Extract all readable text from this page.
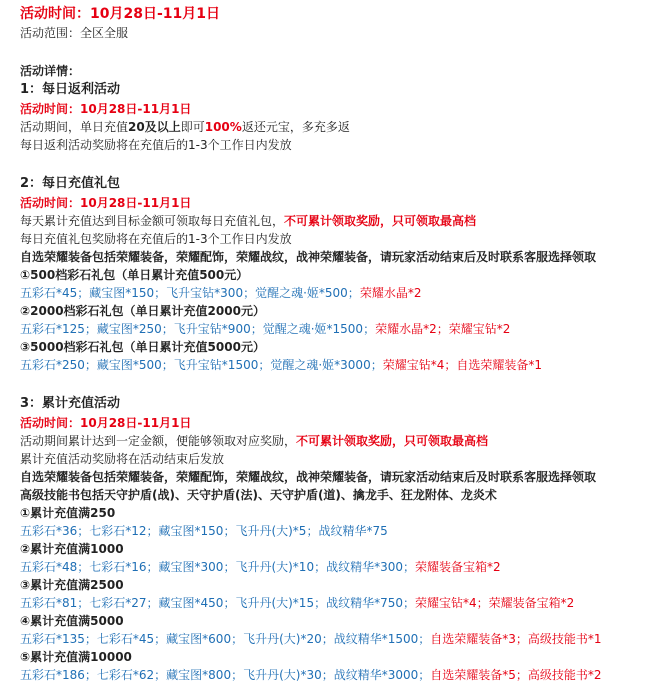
活动时间：10月28日-11月1日
活动范围：全区全服
活动详情：
1：每日返利活动
活动时间：10月28日-11月1日
活动期间，单日充值20及以上即可100%返还元宝，多充多返
每日返利活动奖励将在充值后的1-3个工作日内发放
2：每日充值礼包
活动时间：10月28日-11月1日
每天累计充值达到目标金额可领取每日充值礼包，不可累计领取奖励，只可领取最高档
每日充值礼包奖励将在充值后的1-3个工作日内发放
自选荣耀装备包括荣耀装备，荣耀配饰，荣耀战纹，战神荣耀装备，请玩家活动结束后及时联系客服选择领取
①500档彩石礼包（单日累计充值500元）
五彩石*45；藏宝图*150；飞升宝钻*300；觉醒之魂·姬*500；荣耀水晶*2
②2000档彩石礼包（单日累计充值2000元）
五彩石*125；藏宝图*250；飞升宝钻*900；觉醒之魂·姬*1500；荣耀水晶*2；荣耀宝钻*2
③5000档彩石礼包（单日累计充值5000元）
五彩石*250；藏宝图*500；飞升宝钻*1500；觉醒之魂·姬*3000；荣耀宝钻*4；自选荣耀装备*1
3：累计充值活动
活动时间：10月28日-11月1日
活动期间累计达到一定金额，便能够领取对应奖励，不可累计领取奖励，只可领取最高档
累计充值活动奖励将在活动结束后发放
自选荣耀装备包括荣耀装备，荣耀配饰，荣耀战纹，战神荣耀装备，请玩家活动结束后及时联系客服选择领取
高级技能书包括天守护盾(战)、天守护盾(法)、天守护盾(道)、擒龙手、狂龙附体、龙炎术
①累计充值满250
五彩石*36；七彩石*12；藏宝图*150；飞升丹(大)*5；战纹精华*75
②累计充值满1000
五彩石*48；七彩石*16；藏宝图*300；飞升丹(大)*10；战纹精华*300；荣耀装备宝箱*2
③累计充值满2500
五彩石*81；七彩石*27；藏宝图*450；飞升丹(大)*15；战纹精华*750；荣耀宝钻*4；荣耀装备宝箱*2
④累计充值满5000
五彩石*135；七彩石*45；藏宝图*600；飞升丹(大)*20；战纹精华*1500；自选荣耀装备*3；高级技能书*1
⑤累计充值满10000
五彩石*186；七彩石*62；藏宝图*800；飞升丹(大)*30；战纹精华*3000；自选荣耀装备*5；高级技能书*2
